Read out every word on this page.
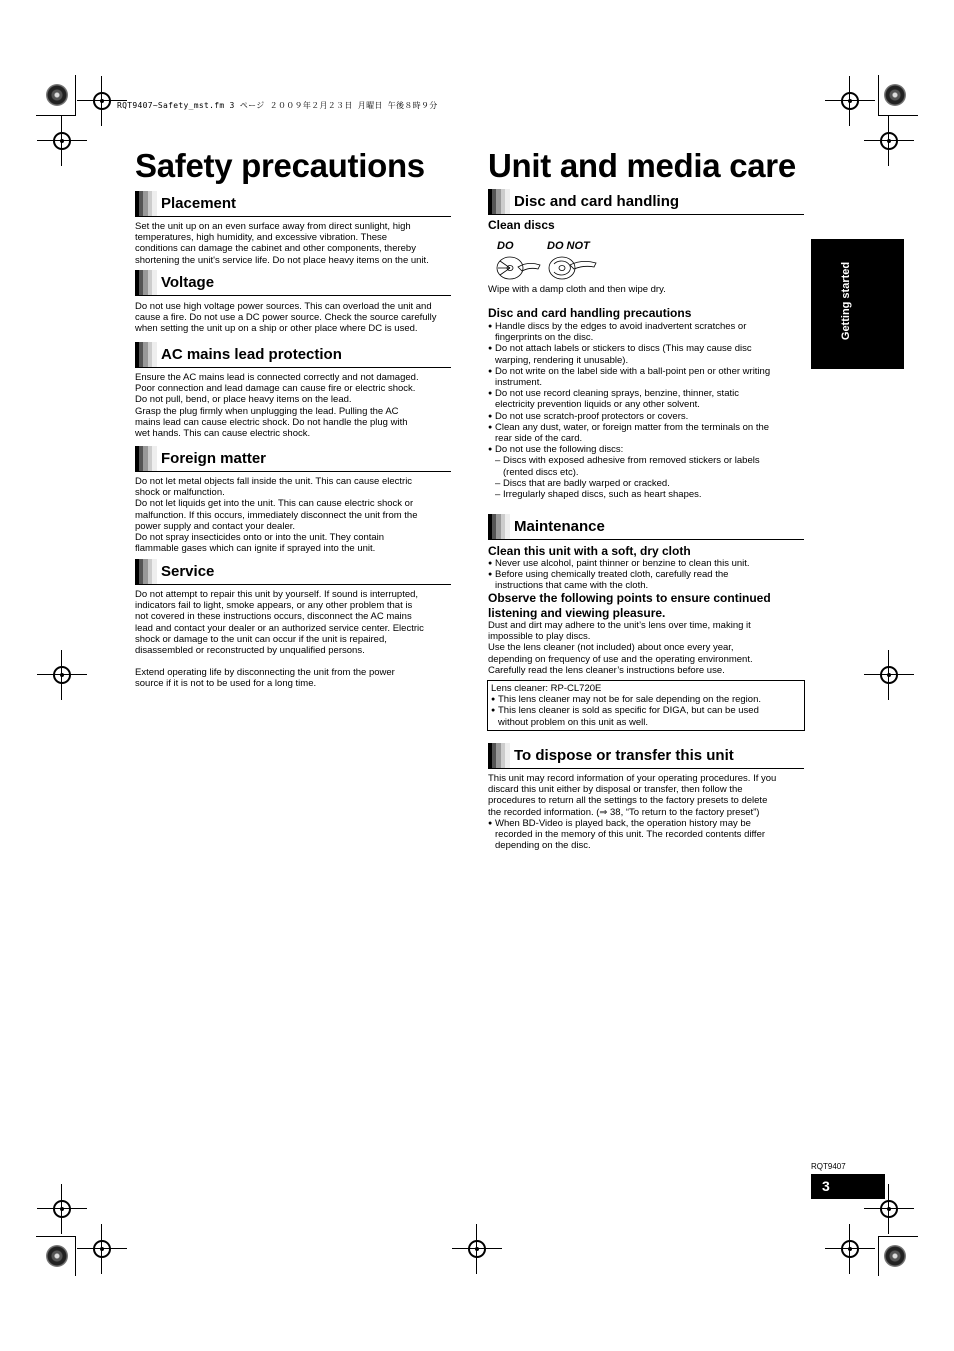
RQT9407~Safety_mst.fm 3 ページ ２００９年２月２３日 月曜日 午後８時９分
Safety precautions
Placement
Set the unit up on an even surface away from direct sunlight, high
temperatures, high humidity, and excessive vibration. These
conditions can damage the cabinet and other components, thereby
shortening the unit's service life. Do not place heavy items on the unit.
Voltage
Do not use high voltage power sources. This can overload the unit and
cause a fire. Do not use a DC power source. Check the source carefully
when setting the unit up on a ship or other place where DC is used.
AC mains lead protection
Ensure the AC mains lead is connected correctly and not damaged.
Poor connection and lead damage can cause fire or electric shock.
Do not pull, bend, or place heavy items on the lead.
Grasp the plug firmly when unplugging the lead. Pulling the AC
mains lead can cause electric shock. Do not handle the plug with
wet hands. This can cause electric shock.
Foreign matter
Do not let metal objects fall inside the unit. This can cause electric
shock or malfunction.
Do not let liquids get into the unit. This can cause electric shock or
malfunction. If this occurs, immediately disconnect the unit from the
power supply and contact your dealer.
Do not spray insecticides onto or into the unit. They contain
flammable gases which can ignite if sprayed into the unit.
Service
Do not attempt to repair this unit by yourself. If sound is interrupted,
indicators fail to light, smoke appears, or any other problem that is
not covered in these instructions occurs, disconnect the AC mains
lead and contact your dealer or an authorized service center. Electric
shock or damage to the unit can occur if the unit is repaired,
disassembled or reconstructed by unqualified persons.
Extend operating life by disconnecting the unit from the power
source if it is not to be used for a long time.
Unit and media care
Disc and card handling
Clean discs
DO	DO NOT
Wipe with a damp cloth and then wipe dry.
Disc and card handling precautions
● Handle discs by the edges to avoid inadvertent scratches or
fingerprints on the disc.
● Do not attach labels or stickers to discs (This may cause disc
warping, rendering it unusable).
● Do not write on the label side with a ball-point pen or other writing
instrument.
● Do not use record cleaning sprays, benzine, thinner, static
electricity prevention liquids or any other solvent.
● Do not use scratch-proof protectors or covers.
● Clean any dust, water, or foreign matter from the terminals on the
rear side of the card.
● Do not use the following discs:
– Discs with exposed adhesive from removed stickers or labels
(rented discs etc).
– Discs that are badly warped or cracked.
– Irregularly shaped discs, such as heart shapes.
Maintenance
Clean this unit with a soft, dry cloth
● Never use alcohol, paint thinner or benzine to clean this unit.
● Before using chemically treated cloth, carefully read the
instructions that came with the cloth.
Observe the following points to ensure continued
listening and viewing pleasure.
Dust and dirt may adhere to the unit’s lens over time, making it
impossible to play discs.
Use the lens cleaner (not included) about once every year,
depending on frequency of use and the operating environment.
Carefully read the lens cleaner’s instructions before use.
Lens cleaner: RP-CL720E
● This lens cleaner may not be for sale depending on the region.
● This lens cleaner is sold as specific for DIGA, but can be used
without problem on this unit as well.
To dispose or transfer this unit
This unit may record information of your operating procedures. If you
discard this unit either by disposal or transfer, then follow the
procedures to return all the settings to the factory presets to delete
the recorded information. (⇒ 38, “To return to the factory preset”)
● When BD-Video is played back, the operation history may be
recorded in the memory of this unit. The recorded contents differ
depending on the disc.
Getting started
RQT9407
3
